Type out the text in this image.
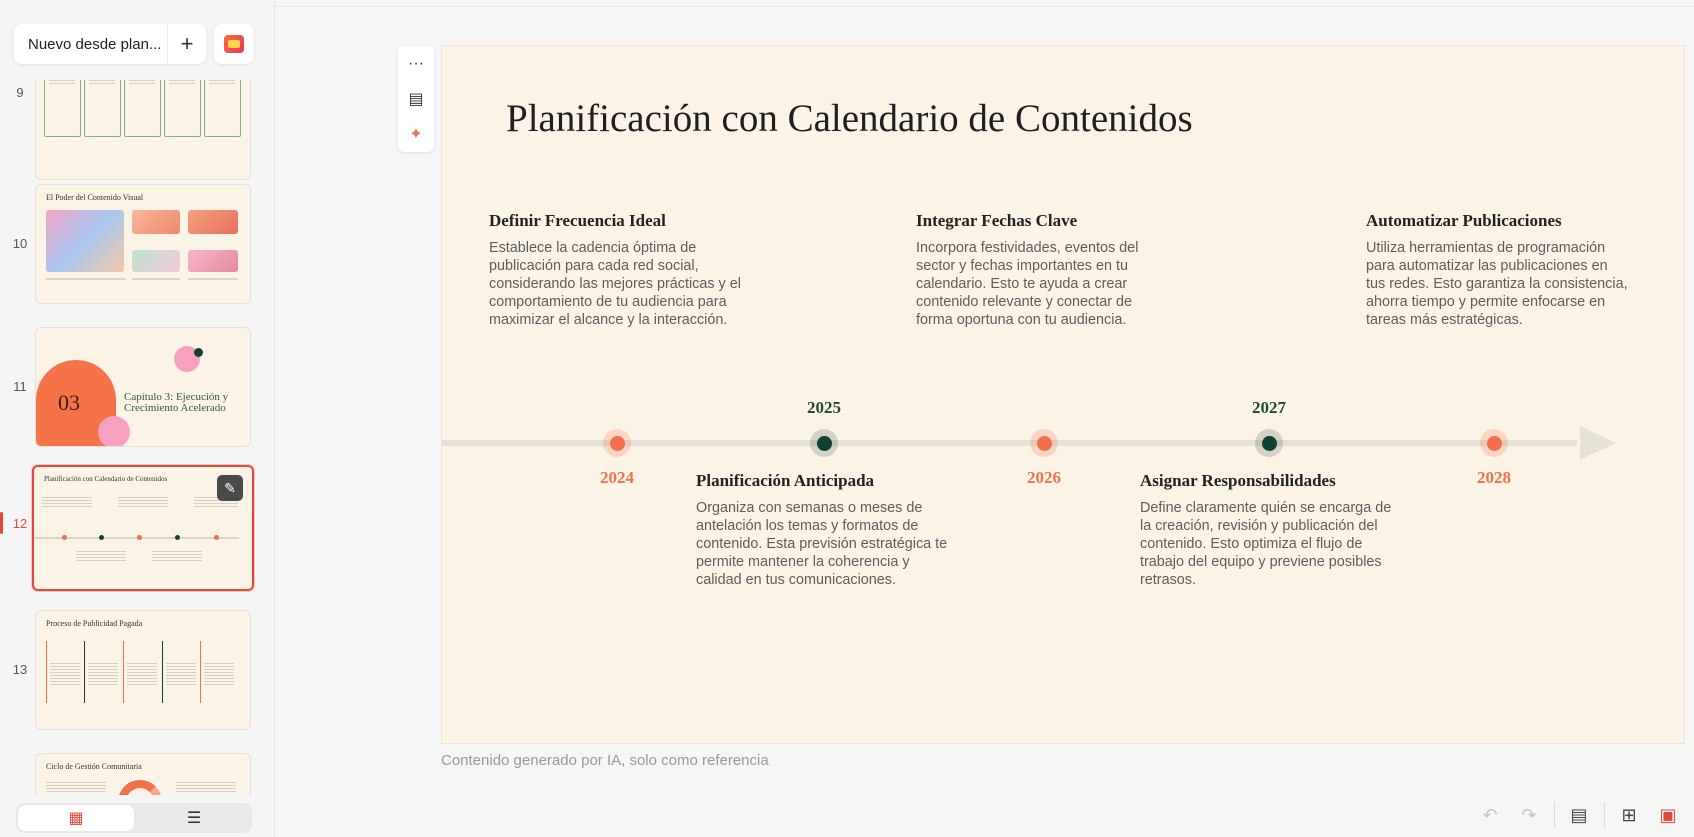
Nuevo desde plan... +
9
10
El Poder del Contenido Visual
11
03	Capítulo 3: Ejecución y Crecimiento Acelerado
12
Planificación con Calendario de Contenidos
✎
13
Proceso de Publicidad Pagada
Ciclo de Gestión Comunitaria
▦	☰
···
▤
✦ Planificación con Calendario de Contenidos
Definir Frecuencia Ideal

Establece la cadencia óptima de publicación para cada red social, considerando las mejores prácticas y el comportamiento de tu audiencia para maximizar el alcance y la interacción.

Integrar Fechas Clave

Incorpora festividades, eventos del sector y fechas importantes en tu calendario. Esto te ayuda a crear contenido relevante y conectar de forma oportuna con tu audiencia.

Automatizar Publicaciones

Utiliza herramientas de programación para automatizar las publicaciones en tus redes. Esto garantiza la consistencia, ahorra tiempo y permite enfocarse en tareas más estratégicas.

2024
2025
2026
2027
2028
Planificación Anticipada

Organiza con semanas o meses de antelación los temas y formatos de contenido. Esta previsión estratégica te permite mantener la coherencia y calidad en tus comunicaciones.

Asignar Responsabilidades

Define claramente quién se encarga de la creación, revisión y publicación del contenido. Esto optimiza el flujo de trabajo del equipo y previene posibles retrasos.

Contenido generado por IA, solo como referencia
↶ ↷ ▤ ⊞ ▣
